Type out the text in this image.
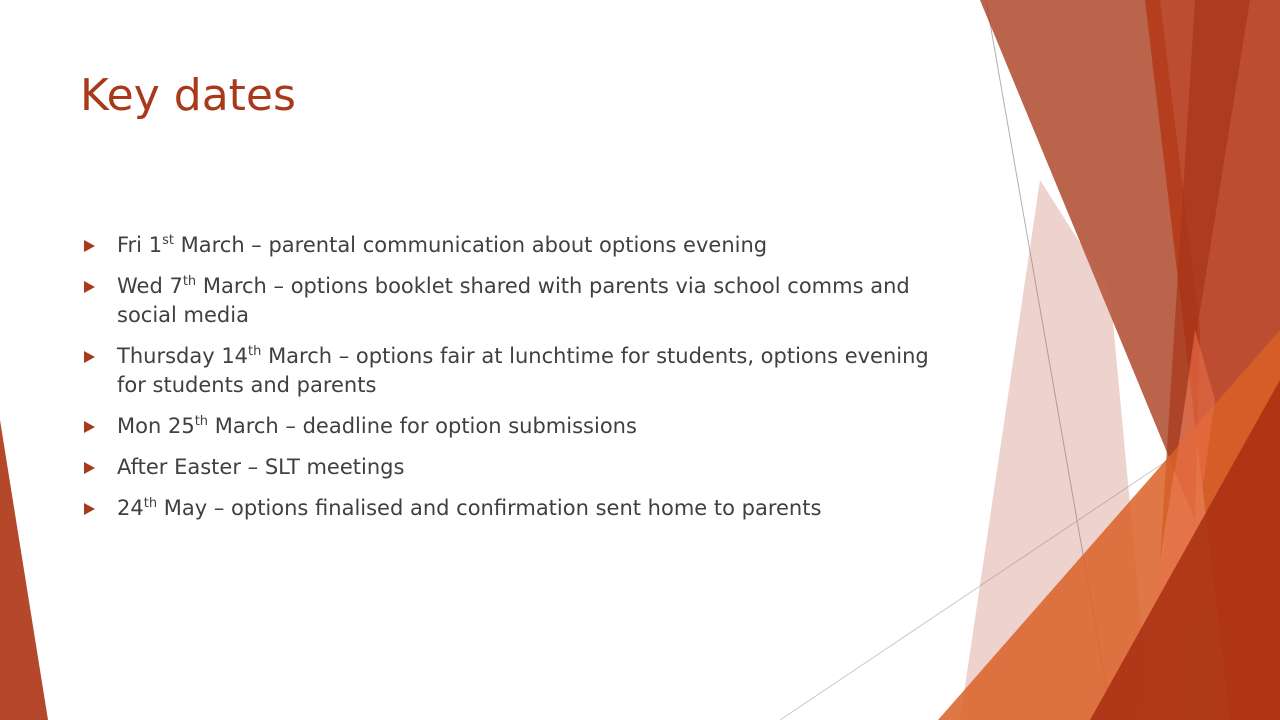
Key dates
Fri 1st March – parental communication about options evening
Wed 7th March – options booklet shared with parents via school comms and social media
Thursday 14th March – options fair at lunchtime for students, options evening for students and parents
Mon 25th March – deadline for option submissions
After Easter – SLT meetings
24th May – options finalised and confirmation sent home to parents
